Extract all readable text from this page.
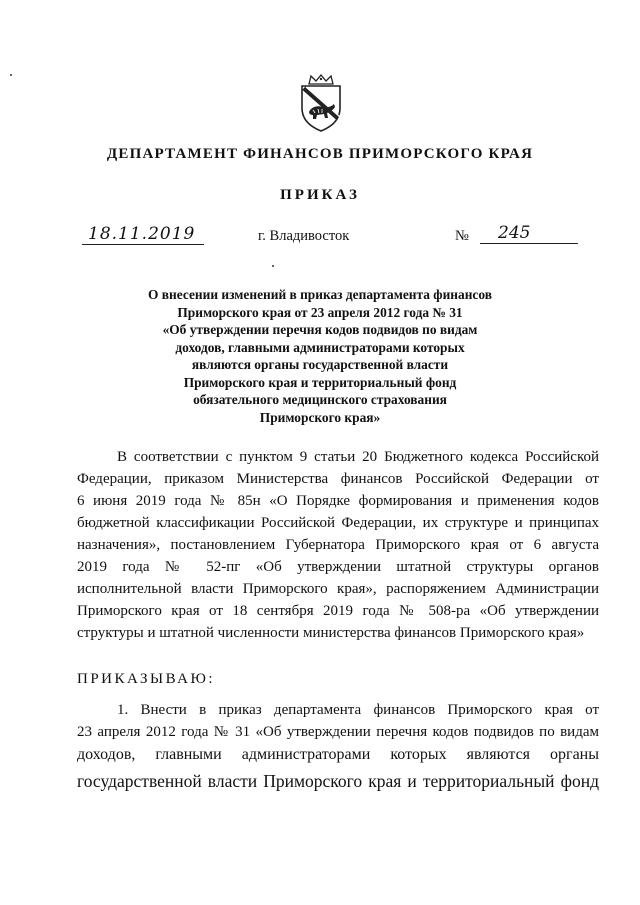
ДЕПАРТАМЕНТ ФИНАНСОВ ПРИМОРСКОГО КРАЯ
ПРИКАЗ
18.11.2019	г. Владивосток	№	245
О внесении изменений в приказ департамента финансов
Приморского края от 23 апреля 2012 года № 31
«Об утверждении перечня кодов подвидов по видам
доходов, главными администраторами которых
являются органы государственной власти
Приморского края и территориальный фонд
обязательного медицинского страхования
Приморского края»
В соответствии с пунктом 9 статьи 20 Бюджетного кодекса Российской
Федерации, приказом Министерства финансов Российской Федерации от
6 июня 2019 года № 85н «О Порядке формирования и применения кодов
бюджетной классификации Российской Федерации, их структуре и принципах
назначения», постановлением Губернатора Приморского края от 6 августа
2019 года № 52-пг «Об утверждении штатной структуры органов
исполнительной власти Приморского края», распоряжением Администрации
Приморского края от 18 сентября 2019 года № 508-ра «Об утверждении
структуры и штатной численности министерства финансов Приморского края»
ПРИКАЗЫВАЮ:
1. Внести в приказ департамента финансов Приморского края от
23 апреля 2012 года № 31 «Об утверждении перечня кодов подвидов по видам
доходов, главными администраторами которых являются органы
государственной власти Приморского края и территориальный фонд
